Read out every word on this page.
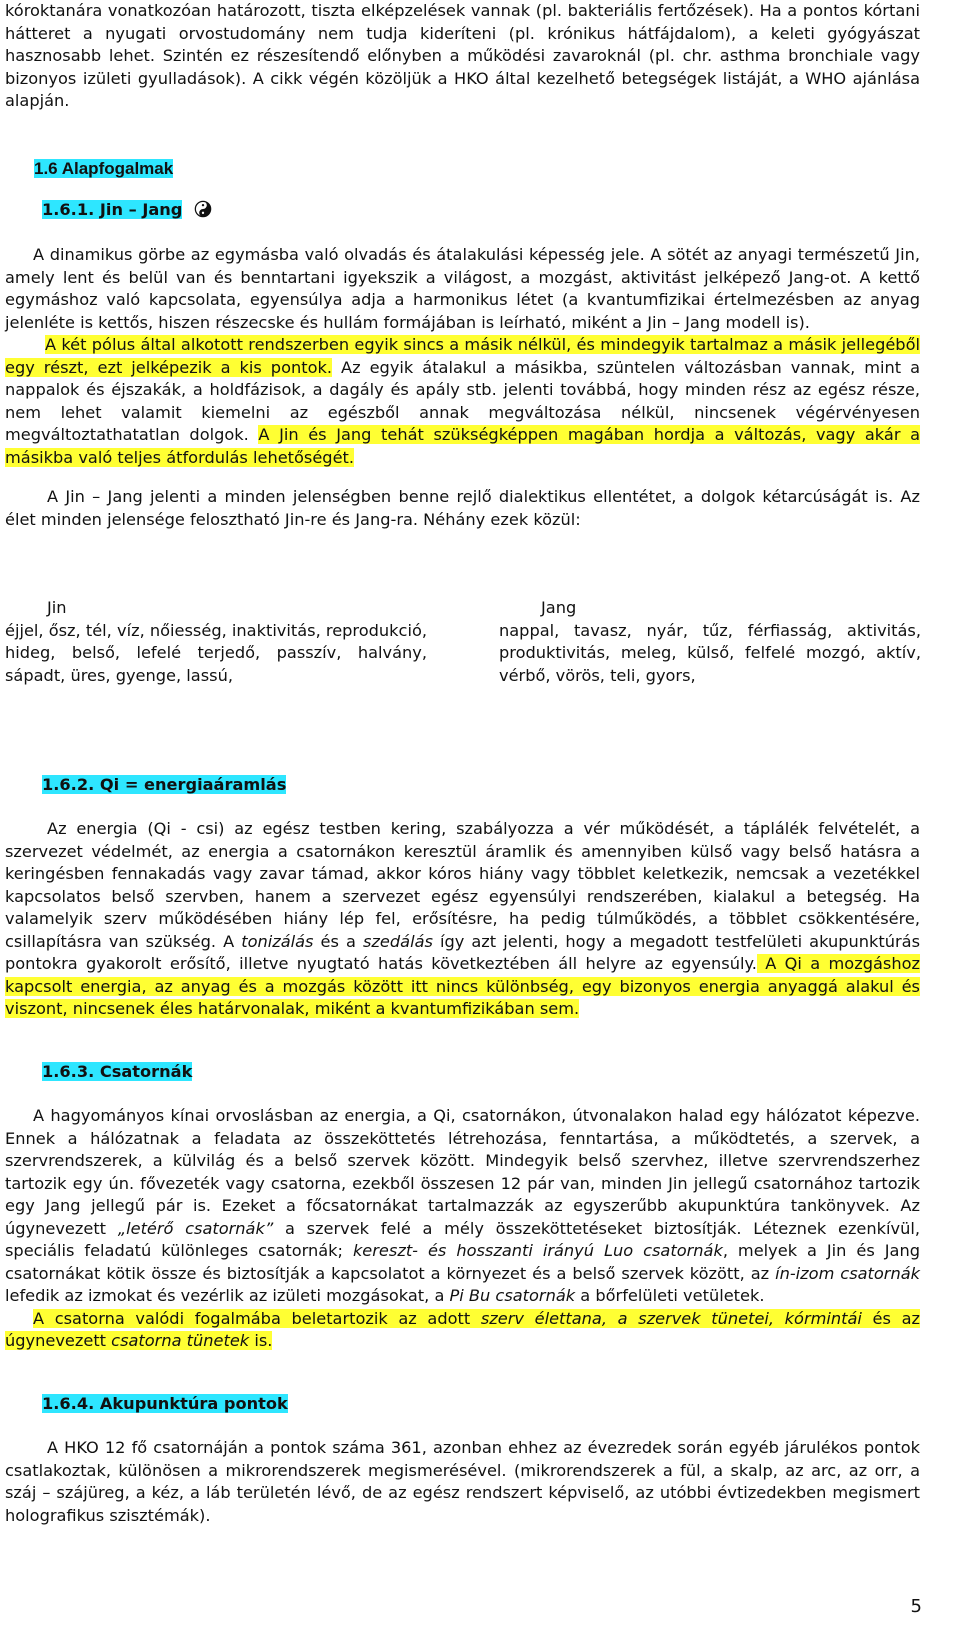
kóroktanára vonatkozóan határozott, tiszta elképzelések vannak (pl. bakteriális fertőzések). Ha a pontos kórtani hátteret a nyugati orvostudomány nem tudja kideríteni (pl. krónikus hátfájdalom), a keleti gyógyászat hasznosabb lehet. Szintén ez részesítendő előnyben a működési zavaroknál (pl. chr. asthma bronchiale vagy bizonyos izületi gyulladások). A cikk végén közöljük a HKO által kezelhető betegségek listáját, a WHO ajánlása alapján.

1.6 Alapfogalmak
1.6.1. Jin – Jang

A dinamikus görbe az egymásba való olvadás és átalakulási képesség jele. A sötét az anyagi természetű Jin, amely lent és belül van és benntartani igyekszik a világost, a mozgást, aktivitást jelképező Jang-ot. A kettő egymáshoz való kapcsolata, egyensúlya adja a harmonikus létet (a kvantumfizikai értelmezésben az anyag jelenléte is kettős, hiszen részecske és hullám formájában is leírható, miként a Jin – Jang modell is).
A két pólus által alkotott rendszerben egyik sincs a másik nélkül, és mindegyik tartalmaz a másik jellegéből egy részt, ezt jelképezik a kis pontok. Az egyik átalakul a másikba, szüntelen változásban vannak, mint a nappalok és éjszakák, a holdfázisok, a dagály és apály stb. jelenti továbbá, hogy minden rész az egész része, nem lehet valamit kiemelni az egészből annak megváltozása nélkül, nincsenek végérvényesen megváltoztathatatlan dolgok. A Jin és Jang tehát szükségképpen magában hordja a változás, vagy akár a másikba való teljes átfordulás lehetőségét.

A Jin – Jang jelenti a minden jelenségben benne rejlő dialektikus ellentétet, a dolgok kétarcúságát is. Az élet minden jelensége felosztható Jin-re és Jang-ra. Néhány ezek közül:

Jin
éjjel, ősz, tél, víz, nőiesség, inaktivitás, reprodukció, hideg, belső, lefelé terjedő, passzív, halvány, sápadt, üres, gyenge, lassú,
Jang
nappal, tavasz, nyár, tűz, férfiasság, aktivitás, produktivitás, meleg, külső, felfelé mozgó, aktív, vérbő, vörös, teli, gyors,
1.6.2. Qi = energiaáramlás

Az energia (Qi - csi) az egész testben kering, szabályozza a vér működését, a táplálék felvételét, a szervezet védelmét, az energia a csatornákon keresztül áramlik és amennyiben külső vagy belső hatásra a keringésben fennakadás vagy zavar támad, akkor kóros hiány vagy többlet keletkezik, nemcsak a vezetékkel kapcsolatos belső szervben, hanem a szervezet egész egyensúlyi rendszerében, kialakul a betegség. Ha valamelyik szerv működésében hiány lép fel, erősítésre, ha pedig túlműködés, a többlet csökkentésére, csillapításra van szükség. A tonizálás és a szedálás így azt jelenti, hogy a megadott testfelületi akupunktúrás pontokra gyakorolt erősítő, illetve nyugtató hatás következtében áll helyre az egyensúly. A Qi a mozgáshoz kapcsolt energia, az anyag és a mozgás között itt nincs különbség, egy bizonyos energia anyaggá alakul és viszont, nincsenek éles határvonalak, miként a kvantumfizikában sem.

1.6.3. Csatornák

A hagyományos kínai orvoslásban az energia, a Qi, csatornákon, útvonalakon halad egy hálózatot képezve. Ennek a hálózatnak a feladata az összeköttetés létrehozása, fenntartása, a működtetés, a szervek, a szervrendszerek, a külvilág és a belső szervek között. Mindegyik belső szervhez, illetve szervrendszerhez tartozik egy ún. fővezeték vagy csatorna, ezekből összesen 12 pár van, minden Jin jellegű csatornához tartozik egy Jang jellegű pár is. Ezeket a főcsatornákat tartalmazzák az egyszerűbb akupunktúra tankönyvek. Az úgynevezett „letérő csatornák” a szervek felé a mély összeköttetéseket biztosítják. Léteznek ezenkívül, speciális feladatú különleges csatornák; kereszt- és hosszanti irányú Luo csatornák, melyek a Jin és Jang csatornákat kötik össze és biztosítják a kapcsolatot a környezet és a belső szervek között, az ín-izom csatornák lefedik az izmokat és vezérlik az izületi mozgásokat, a Pi Bu csatornák a bőrfelületi vetületek.
A csatorna valódi fogalmába beletartozik az adott szerv élettana, a szervek tünetei, kórmintái és az úgynevezett csatorna tünetek is.

1.6.4. Akupunktúra pontok

A HKO 12 fő csatornáján a pontok száma 361, azonban ehhez az évezredek során egyéb járulékos pontok csatlakoztak, különösen a mikrorendszerek megismerésével. (mikrorendszerek a fül, a skalp, az arc, az orr, a száj – szájüreg, a kéz, a láb területén lévő, de az egész rendszert képviselő, az utóbbi évtizedekben megismert holografikus szisztémák).

5
